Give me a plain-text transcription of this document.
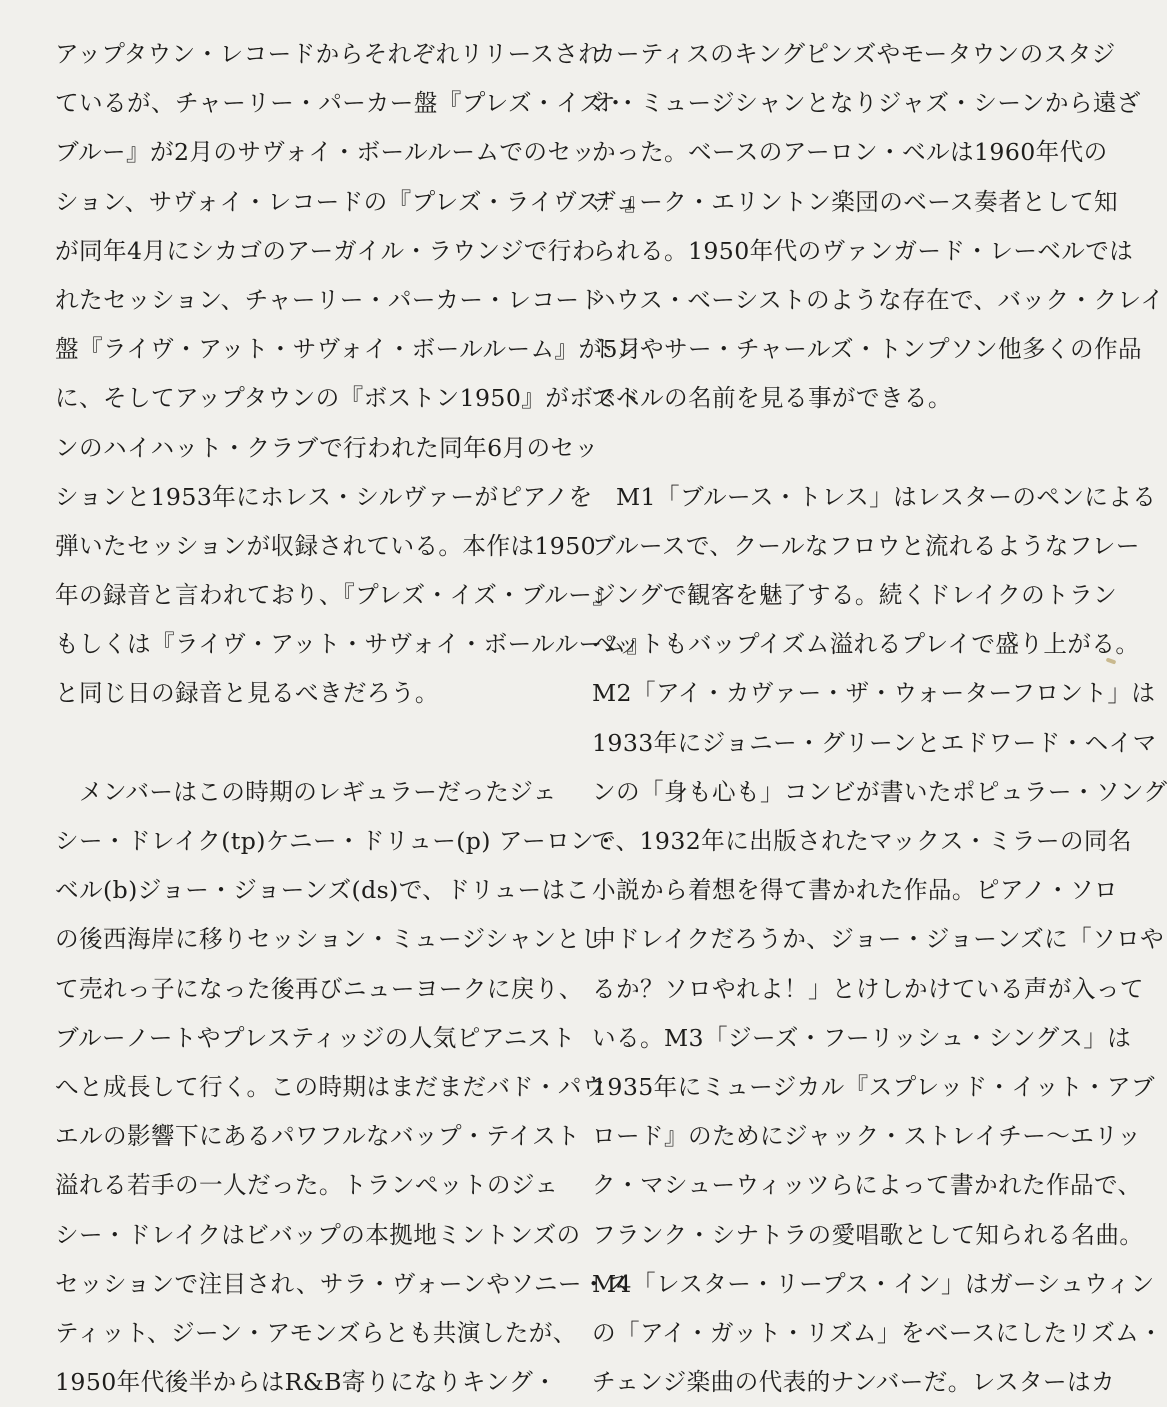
アップタウン・レコードからそれぞれリリースされ
ているが、チャーリー・パーカー盤『プレズ・イズ・
ブルー』が2月のサヴォイ・ボールルームでのセッ
ション、サヴォイ・レコードの『プレズ・ライヴス！』
が同年4月にシカゴのアーガイル・ラウンジで行わ
れたセッション、チャーリー・パーカー・レコード
盤『ライヴ・アット・サヴォイ・ボールルーム』が5月
に、そしてアップタウンの『ボストン1950』がボスト
ンのハイハット・クラブで行われた同年6月のセッ
ションと1953年にホレス・シルヴァーがピアノを
弾いたセッションが収録されている。本作は1950
年の録音と言われており、『プレズ・イズ・ブルー』
もしくは『ライヴ・アット・サヴォイ・ボールルーム』
と同じ日の録音と見るべきだろう。
　メンバーはこの時期のレギュラーだったジェ
シー・ドレイク(tp)ケニー・ドリュー(p) アーロン・
ベル(b)ジョー・ジョーンズ(ds)で、ドリューはこ
の後西海岸に移りセッション・ミュージシャンとし
て売れっ子になった後再びニューヨークに戻り、
ブルーノートやプレスティッジの人気ピアニスト
へと成長して行く。この時期はまだまだバド・パウ
エルの影響下にあるパワフルなバップ・テイスト
溢れる若手の一人だった。トランペットのジェ
シー・ドレイクはビバップの本拠地ミントンズの
セッションで注目され、サラ・ヴォーンやソニー・ス
ティット、ジーン・アモンズらとも共演したが、
1950年代後半からはR&B寄りになりキング・
カーティスのキングピンズやモータウンのスタジ
オ・ミュージシャンとなりジャズ・シーンから遠ざ
かった。ベースのアーロン・ベルは1960年代の
デューク・エリントン楽団のベース奏者として知
られる。1950年代のヴァンガード・レーベルでは
ハウス・ベーシストのような存在で、バック・クレイ
トンやサー・チャールズ・トンプソン他多くの作品
でベルの名前を見る事ができる。
　M1「ブルース・トレス」はレスターのペンによる
ブルースで、クールなフロウと流れるようなフレー
ジングで観客を魅了する。続くドレイクのトラン
ペットもバップイズム溢れるプレイで盛り上がる。
M2「アイ・カヴァー・ザ・ウォーターフロント」は
1933年にジョニー・グリーンとエドワード・ヘイマ
ンの「身も心も」コンビが書いたポピュラー・ソング
で、1932年に出版されたマックス・ミラーの同名
小説から着想を得て書かれた作品。ピアノ・ソロ
中ドレイクだろうか、ジョー・ジョーンズに「ソロや
るか？ソロやれよ！」とけしかけている声が入って
いる。M3「ジーズ・フーリッシュ・シングス」は
1935年にミュージカル『スプレッド・イット・アブ
ロード』のためにジャック・ストレイチー～エリッ
ク・マシューウィッツらによって書かれた作品で、
フランク・シナトラの愛唱歌として知られる名曲。
M4「レスター・リープス・イン」はガーシュウィン
の「アイ・ガット・リズム」をベースにしたリズム・
チェンジ楽曲の代表的ナンバーだ。レスターはカ
